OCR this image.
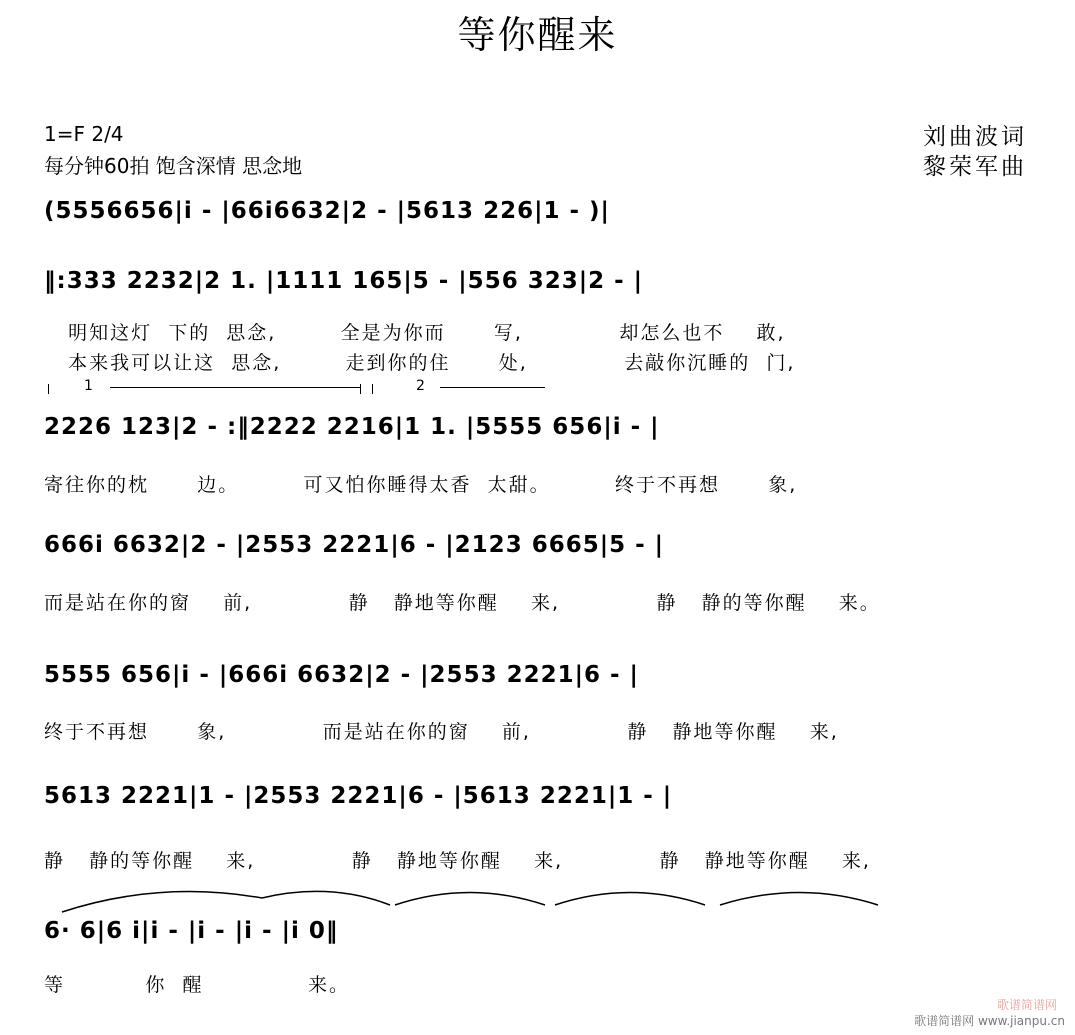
等你醒来
1=F 2/4
每分钟60拍 饱含深情 思念地
刘曲波词
黎荣军曲
(5556656|i - |66i6632|2 - |5613 226|1 - )|
‖:333 2232|2 1. |1111 165|5 - |556 323|2 - |
明知这灯  下的  思念,        全是为你而      写,            却怎么也不    敢,
本来我可以让这  思念,        走到你的住      处,            去敲你沉睡的  门,
1	2
2226 123|2 - :‖2222 2216|1 1. |5555 656|i - |
寄往你的枕      边。        可又怕你睡得太香  太甜。        终于不再想      象,
666i 6632|2 - |2553 2221|6 - |2123 6665|5 - |
而是站在你的窗    前,            静   静地等你醒    来,            静   静的等你醒    来。
5555 656|i - |666i 6632|2 - |2553 2221|6 - |
终于不再想      象,            而是站在你的窗    前,            静   静地等你醒    来,
5613 2221|1 - |2553 2221|6 - |5613 2221|1 - |
静   静的等你醒    来,            静   静地等你醒    来,            静   静地等你醒    来,
6· 6|6 i|i - |i - |i - |i 0‖
等          你  醒             来。
歌谱简谱网
歌谱简谱网 www.jianpu.cn
